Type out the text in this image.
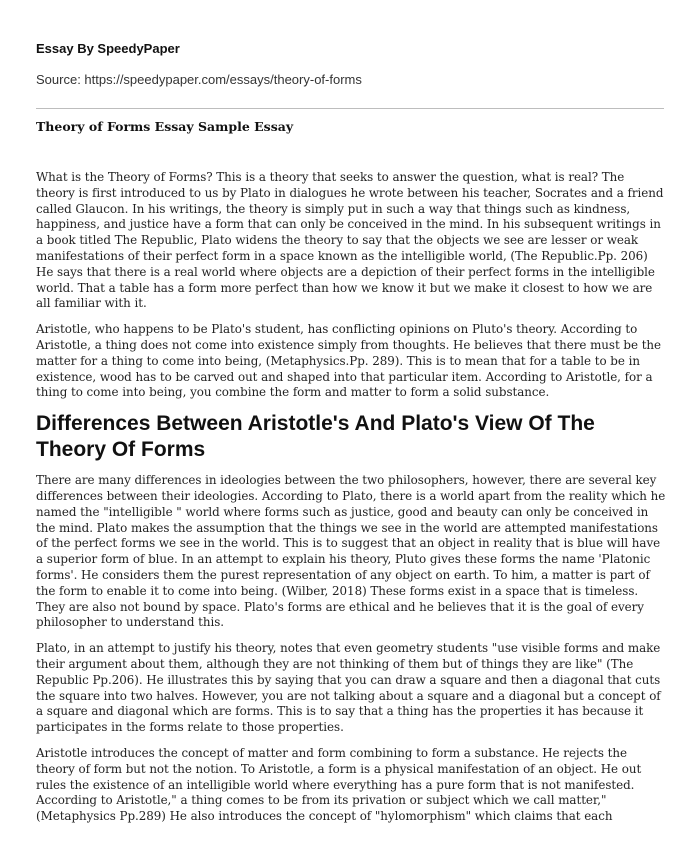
Essay By SpeedyPaper

Source: https://speedypaper.com/essays/theory-of-forms

Theory of Forms Essay Sample Essay

What is the Theory of Forms? This is a theory that seeks to answer the question, what is real? The theory is first introduced to us by Plato in dialogues he wrote between his teacher, Socrates and a friend called Glaucon. In his writings, the theory is simply put in such a way that things such as kindness, happiness, and justice have a form that can only be conceived in the mind. In his subsequent writings in a book titled The Republic, Plato widens the theory to say that the objects we see are lesser or weak manifestations of their perfect form in a space known as the intelligible world, (The Republic.Pp. 206) He says that there is a real world where objects are a depiction of their perfect forms in the intelligible world. That a table has a form more perfect than how we know it but we make it closest to how we are all familiar with it.

Aristotle, who happens to be Plato's student, has conflicting opinions on Pluto's theory. According to Aristotle, a thing does not come into existence simply from thoughts. He believes that there must be the matter for a thing to come into being, (Metaphysics.Pp. 289). This is to mean that for a table to be in existence, wood has to be carved out and shaped into that particular item. According to Aristotle, for a thing to come into being, you combine the form and matter to form a solid substance.

Differences Between Aristotle's And Plato's View Of The Theory Of Forms

There are many differences in ideologies between the two philosophers, however, there are several key differences between their ideologies. According to Plato, there is a world apart from the reality which he named the "intelligible " world where forms such as justice, good and beauty can only be conceived in the mind. Plato makes the assumption that the things we see in the world are attempted manifestations of the perfect forms we see in the world. This is to suggest that an object in reality that is blue will have a superior form of blue. In an attempt to explain his theory, Pluto gives these forms the name 'Platonic forms'. He considers them the purest representation of any object on earth. To him, a matter is part of the form to enable it to come into being. (Wilber, 2018) These forms exist in a space that is timeless. They are also not bound by space. Plato's forms are ethical and he believes that it is the goal of every philosopher to understand this.

Plato, in an attempt to justify his theory, notes that even geometry students "use visible forms and make their argument about them, although they are not thinking of them but of things they are like" (The Republic Pp.206). He illustrates this by saying that you can draw a square and then a diagonal that cuts the square into two halves. However, you are not talking about a square and a diagonal but a concept of a square and diagonal which are forms. This is to say that a thing has the properties it has because it participates in the forms relate to those properties.

Aristotle introduces the concept of matter and form combining to form a substance. He rejects the theory of form but not the notion. To Aristotle, a form is a physical manifestation of an object. He out rules the existence of an intelligible world where everything has a pure form that is not manifested. According to Aristotle," a thing comes to be from its privation or subject which we call matter," (Metaphysics Pp.289) He also introduces the concept of "hylomorphism" which claims that each
